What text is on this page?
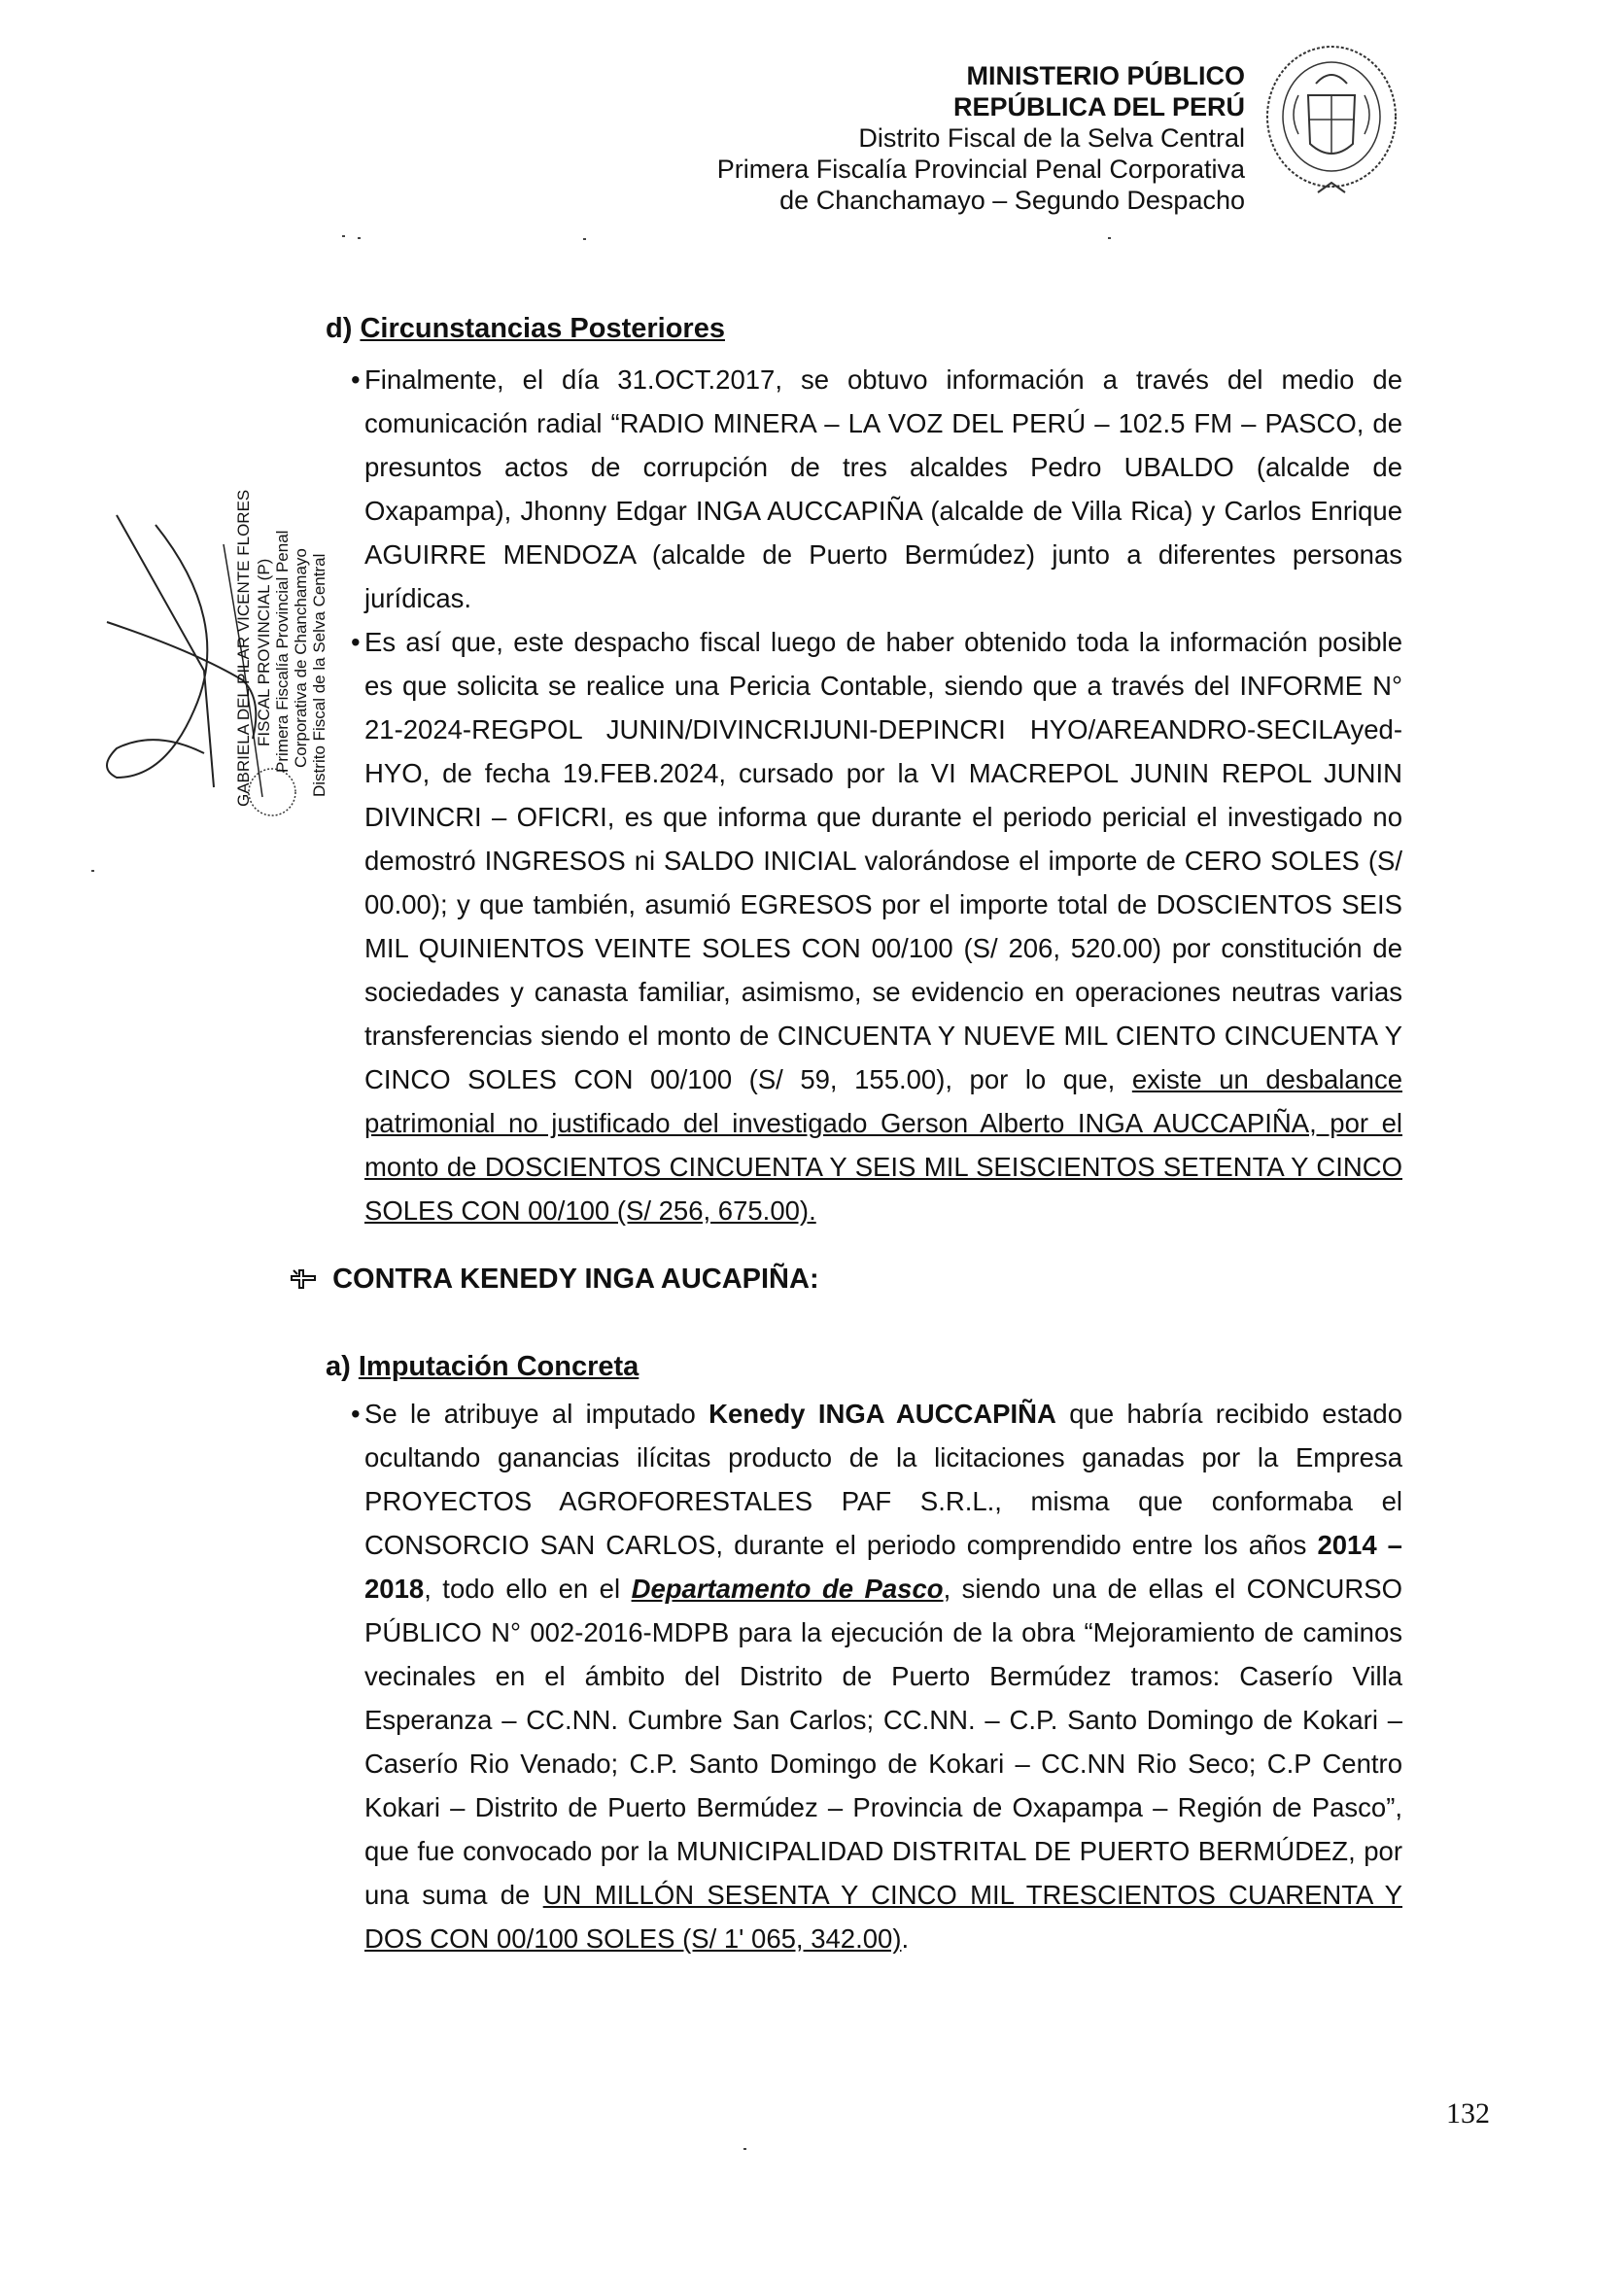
MINISTERIO PÚBLICO
REPÚBLICA DEL PERÚ
Distrito Fiscal de la Selva Central
Primera Fiscalía Provincial Penal Corporativa
de Chanchamayo – Segundo Despacho
GABRIELA DEL PILAR VICENTE FLORES FISCAL PROVINCIAL (P) Primera Fiscalía Provincial Penal Corporativa de Chanchamayo Distrito Fiscal de la Selva Central
d) Circunstancias Posteriores
• Finalmente, el día 31.OCT.2017, se obtuvo información a través del medio de comunicación radial “RADIO MINERA – LA VOZ DEL PERÚ – 102.5 FM – PASCO, de presuntos actos de corrupción de tres alcaldes Pedro UBALDO (alcalde de Oxapampa), Jhonny Edgar INGA AUCCAPIÑA (alcalde de Villa Rica) y Carlos Enrique AGUIRRE MENDOZA (alcalde de Puerto Bermúdez) junto a diferentes personas jurídicas.
• Es así que, este despacho fiscal luego de haber obtenido toda la información posible es que solicita se realice una Pericia Contable, siendo que a través del INFORME N° 21-2024-REGPOL JUNIN/DIVINCRIJUNI-DEPINCRI HYO/AREANDRO-SECILAyed-HYO, de fecha 19.FEB.2024, cursado por la VI MACREPOL JUNIN REPOL JUNIN DIVINCRI – OFICRI, es que informa que durante el periodo pericial el investigado no demostró INGRESOS ni SALDO INICIAL valorándose el importe de CERO SOLES (S/ 00.00); y que también, asumió EGRESOS por el importe total de DOSCIENTOS SEIS MIL QUINIENTOS VEINTE SOLES CON 00/100 (S/ 206, 520.00) por constitución de sociedades y canasta familiar, asimismo, se evidencio en operaciones neutras varias transferencias siendo el monto de CINCUENTA Y NUEVE MIL CIENTO CINCUENTA Y CINCO SOLES CON 00/100 (S/ 59, 155.00), por lo que, existe un desbalance patrimonial no justificado del investigado Gerson Alberto INGA AUCCAPIÑA, por el monto de DOSCIENTOS CINCUENTA Y SEIS MIL SEISCIENTOS SETENTA Y CINCO SOLES CON 00/100 (S/ 256, 675.00).
CONTRA KENEDY INGA AUCAPIÑA:
a) Imputación Concreta
• Se le atribuye al imputado Kenedy INGA AUCCAPIÑA que habría recibido estado ocultando ganancias ilícitas producto de la licitaciones ganadas por la Empresa PROYECTOS AGROFORESTALES PAF S.R.L., misma que conformaba el CONSORCIO SAN CARLOS, durante el periodo comprendido entre los años 2014 – 2018, todo ello en el Departamento de Pasco, siendo una de ellas el CONCURSO PÚBLICO N° 002-2016-MDPB para la ejecución de la obra “Mejoramiento de caminos vecinales en el ámbito del Distrito de Puerto Bermúdez tramos: Caserío Villa Esperanza – CC.NN. Cumbre San Carlos; CC.NN. – C.P. Santo Domingo de Kokari – Caserío Rio Venado; C.P. Santo Domingo de Kokari – CC.NN Rio Seco; C.P Centro Kokari – Distrito de Puerto Bermúdez – Provincia de Oxapampa – Región de Pasco”, que fue convocado por la MUNICIPALIDAD DISTRITAL DE PUERTO BERMÚDEZ, por una suma de UN MILLÓN SESENTA Y CINCO MIL TRESCIENTOS CUARENTA Y DOS CON 00/100 SOLES (S/ 1' 065, 342.00).
132
